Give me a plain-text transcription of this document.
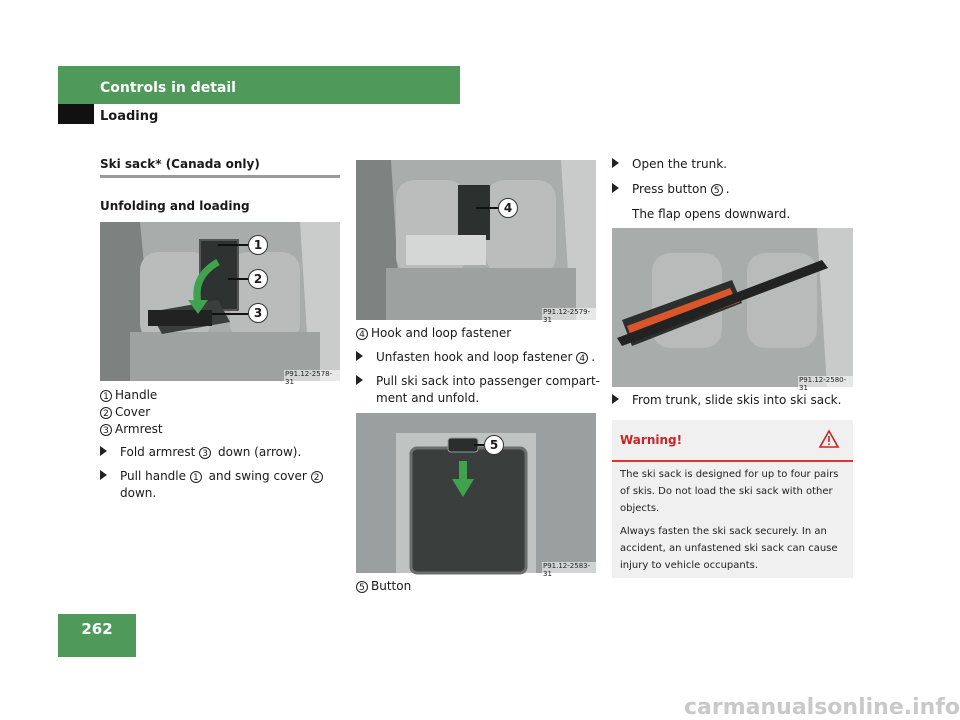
Controls in detail
Loading
Ski sack* (Canada only)
Unfolding and loading
1
2
3
P91.12-2578-31
1 Handle
2 Cover
3 Armrest
Fold armrest 3 down (arrow).
Pull handle 1 and swing cover 2
down.
4
P91.12-2579-31
4 Hook and loop fastener
Unfasten hook and loop fastener 4 .
Pull ski sack into passenger compart-
ment and unfold.
5
P91.12-2583-31
5 Button
Open the trunk.
Press button 5 .
The flap opens downward.
P91.12-2580-31
From trunk, slide skis into ski sack.
Warning!
The ski sack is designed for up to four pairs
of skis. Do not load the ski sack with other
objects.
Always fasten the ski sack securely. In an
accident, an unfastened ski sack can cause
injury to vehicle occupants.
262
carmanualsonline.info
